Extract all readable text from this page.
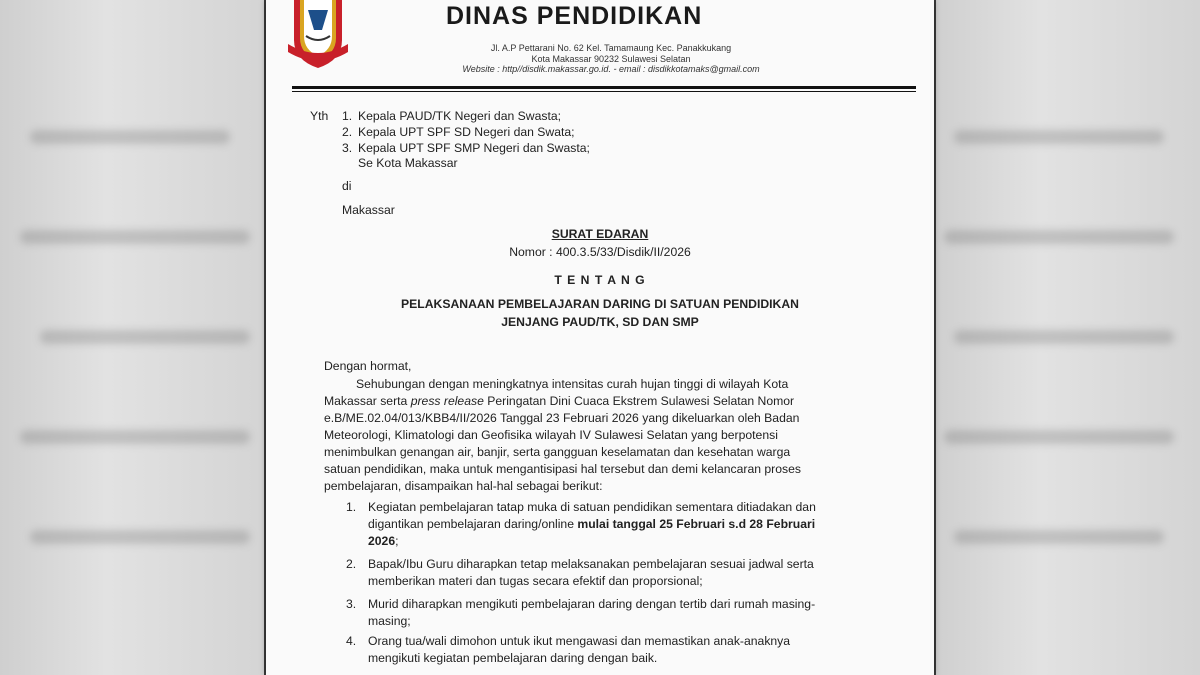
DINAS PENDIDIKAN
Jl. A.P Pettarani No. 62 Kel. Tamamaung Kec. Panakkukang
Kota Makassar 90232 Sulawesi Selatan
Website : http//disdik.makassar.go.id. - email : disdikkotamaks@gmail.com
Yth 1. Kepala PAUD/TK Negeri dan Swasta;
2. Kepala UPT SPF SD Negeri dan Swata;
3. Kepala UPT SPF SMP Negeri dan Swasta;
Se Kota Makassar
di
Makassar
SURAT EDARAN
Nomor : 400.3.5/33/Disdik/II/2026
T E N T A N G
PELAKSANAAN PEMBELAJARAN DARING DI SATUAN PENDIDIKAN
JENJANG PAUD/TK, SD DAN SMP
Dengan hormat,
Sehubungan dengan meningkatnya intensitas curah hujan tinggi di wilayah Kota
Makassar serta press release Peringatan Dini Cuaca Ekstrem Sulawesi Selatan Nomor
e.B/ME.02.04/013/KBB4/II/2026 Tanggal 23 Februari 2026 yang dikeluarkan oleh Badan
Meteorologi, Klimatologi dan Geofisika wilayah IV Sulawesi Selatan yang berpotensi
menimbulkan genangan air, banjir, serta gangguan keselamatan dan kesehatan warga
satuan pendidikan, maka untuk mengantisipasi hal tersebut dan demi kelancaran proses
pembelajaran, disampaikan hal-hal sebagai berikut:
1. Kegiatan pembelajaran tatap muka di satuan pendidikan sementara ditiadakan dan
digantikan pembelajaran daring/online mulai tanggal 25 Februari s.d 28 Februari
2026;
2. Bapak/Ibu Guru diharapkan tetap melaksanakan pembelajaran sesuai jadwal serta
memberikan materi dan tugas secara efektif dan proporsional;
3. Murid diharapkan mengikuti pembelajaran daring dengan tertib dari rumah masing-
masing;
4. Orang tua/wali dimohon untuk ikut mengawasi dan memastikan anak-anaknya
mengikuti kegiatan pembelajaran daring dengan baik.
